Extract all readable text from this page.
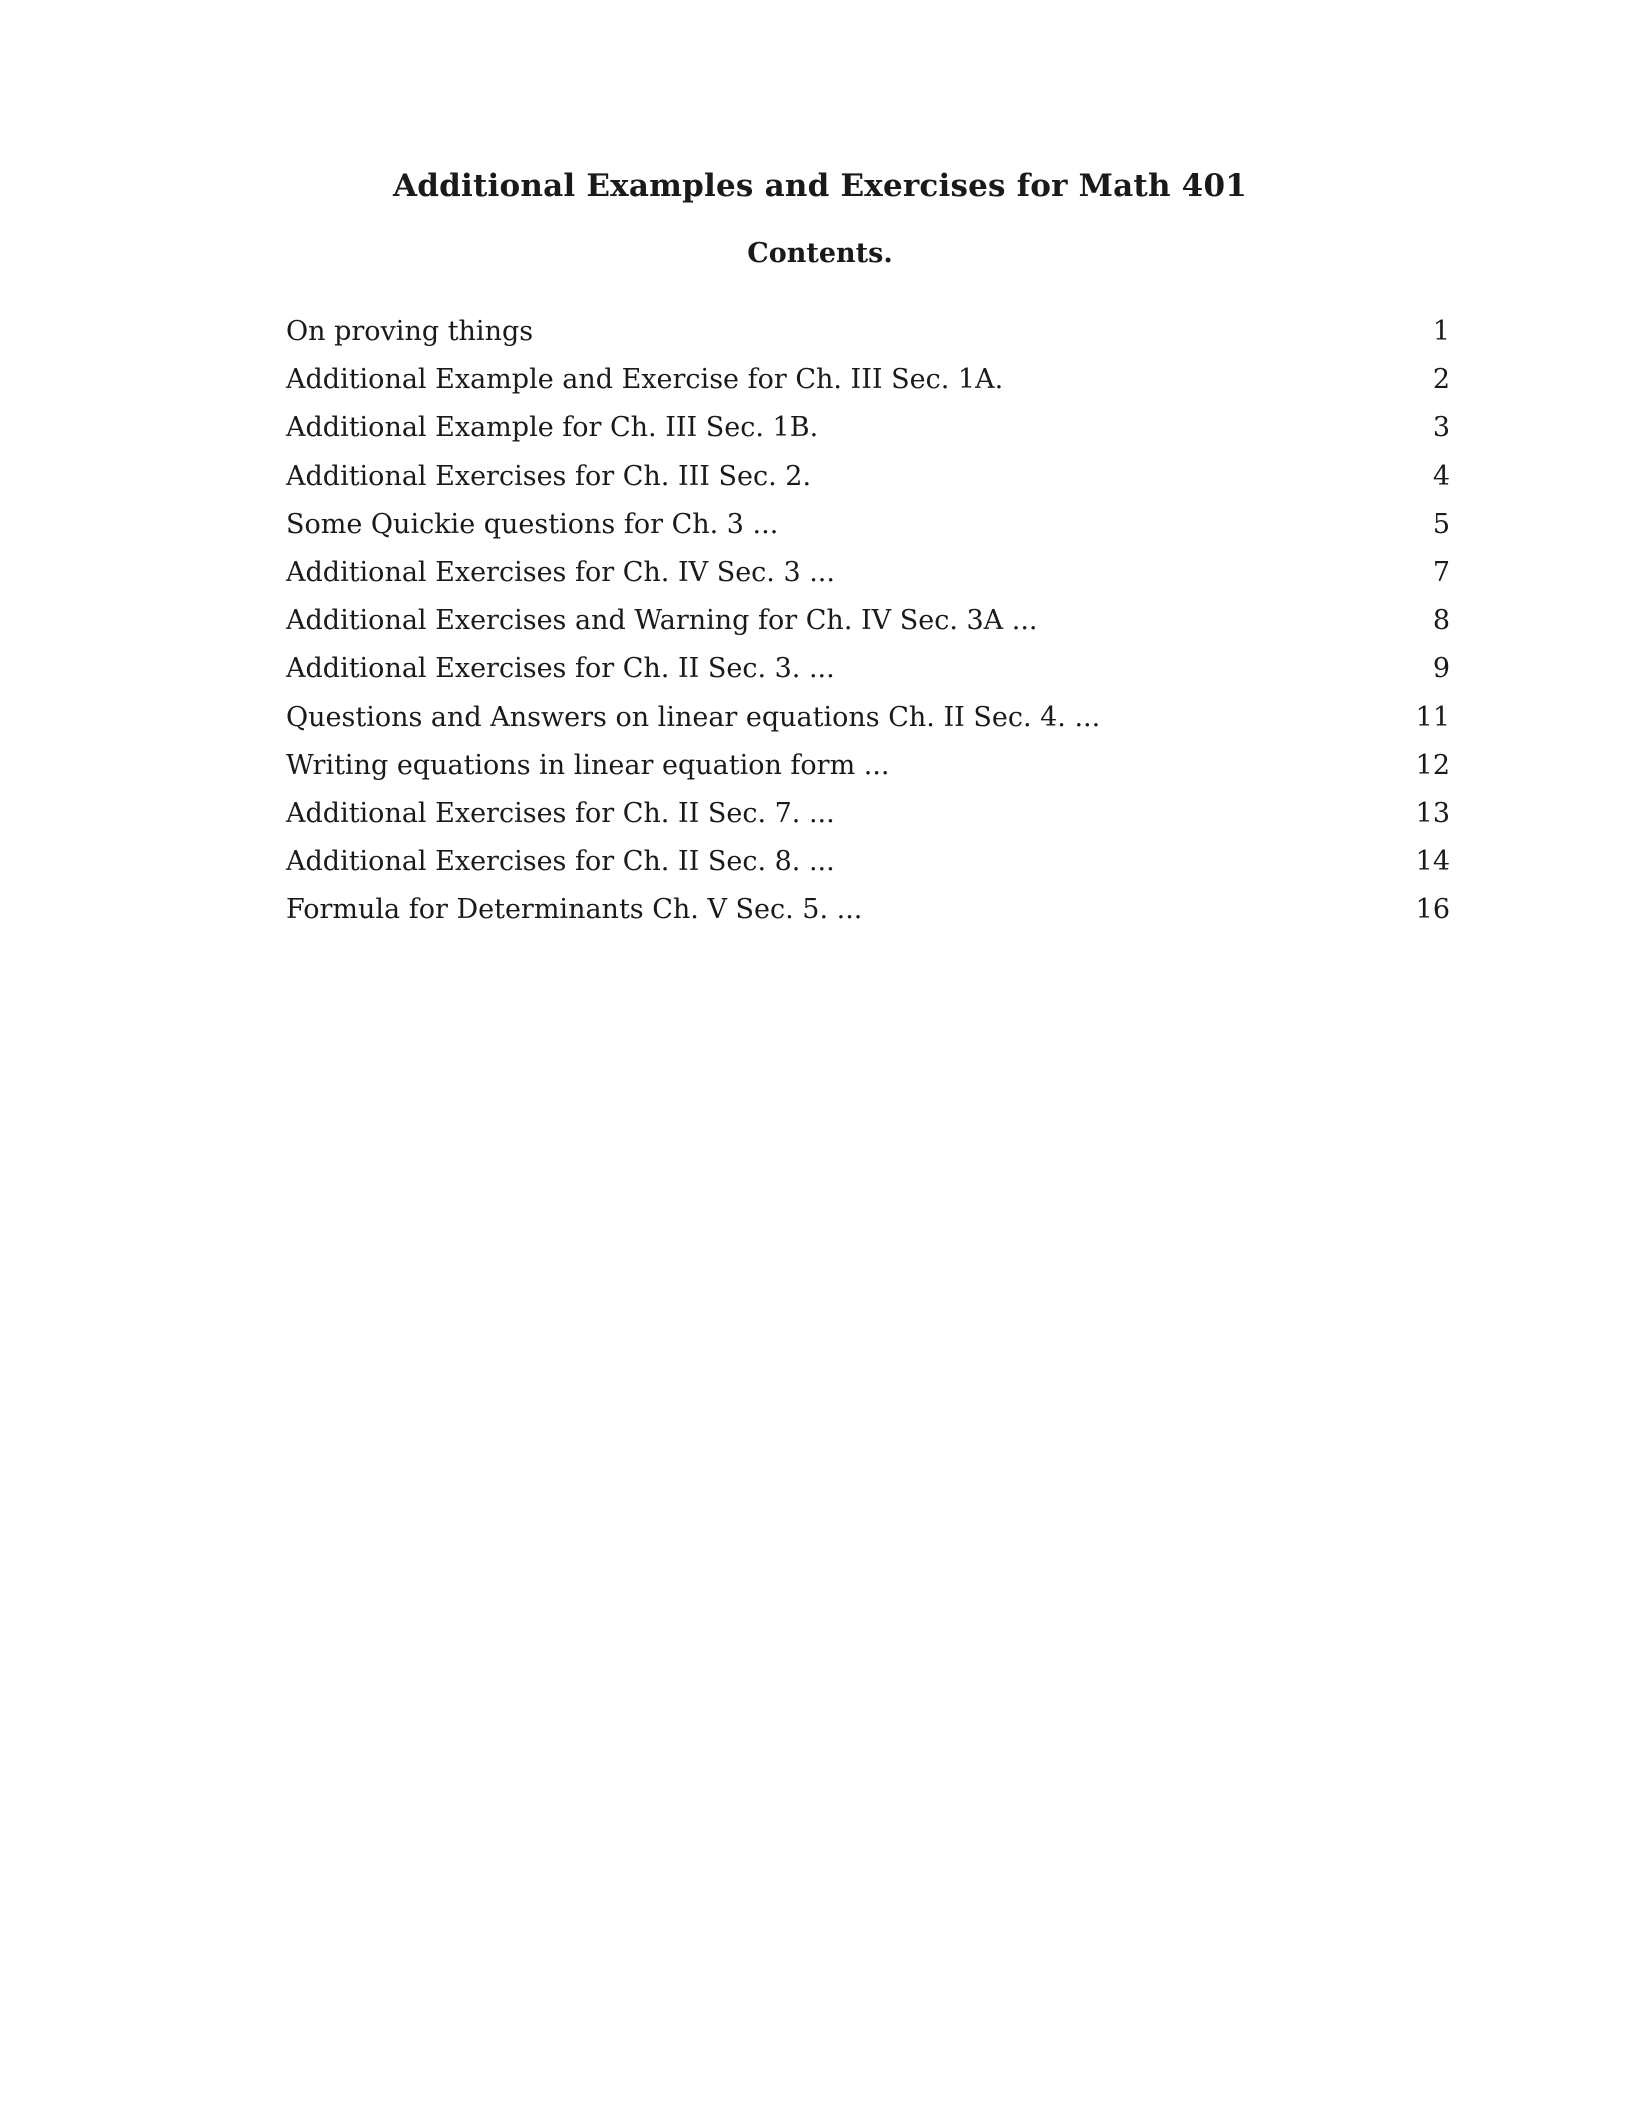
Additional Examples and Exercises for Math 401
Contents.
On proving things	1
Additional Example and Exercise for Ch. III Sec. 1A.	2
Additional Example for Ch. III Sec. 1B.	3
Additional Exercises for Ch. III Sec. 2.	4
Some Quickie questions for Ch. 3 ...	5
Additional Exercises for Ch. IV Sec. 3 ...	7
Additional Exercises and Warning for Ch. IV Sec. 3A ...	8
Additional Exercises for Ch. II Sec. 3. ...	9
Questions and Answers on linear equations Ch. II Sec. 4. ...	11
Writing equations in linear equation form ...	12
Additional Exercises for Ch. II Sec. 7. ...	13
Additional Exercises for Ch. II Sec. 8. ...	14
Formula for Determinants Ch. V Sec. 5. ...	16
